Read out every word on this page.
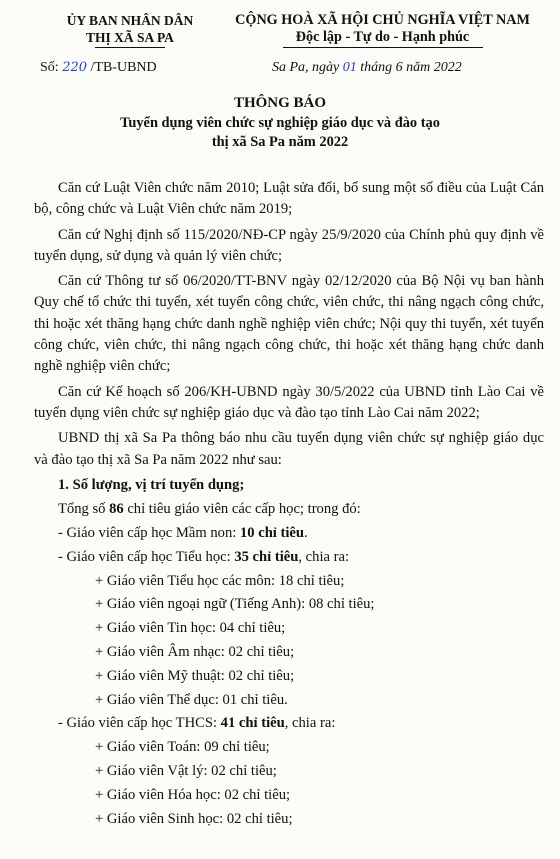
ỦY BAN NHÂN DÂN
THỊ XÃ SA PA
CỘNG HOÀ XÃ HỘI CHỦ NGHĨA VIỆT NAM
Độc lập - Tự do - Hạnh phúc
Số: 220 /TB-UBND	Sa Pa, ngày 01 tháng 6 năm 2022
THÔNG BÁO
Tuyển dụng viên chức sự nghiệp giáo dục và đào tạo
thị xã Sa Pa năm 2022

Căn cứ Luật Viên chức năm 2010; Luật sửa đổi, bổ sung một số điều của Luật Cán bộ, công chức và Luật Viên chức năm 2019;

Căn cứ Nghị định số 115/2020/NĐ-CP ngày 25/9/2020 của Chính phủ quy định về tuyển dụng, sử dụng và quản lý viên chức;

Căn cứ Thông tư số 06/2020/TT-BNV ngày 02/12/2020 của Bộ Nội vụ ban hành Quy chế tổ chức thi tuyển, xét tuyển công chức, viên chức, thi nâng ngạch công chức, thi hoặc xét thăng hạng chức danh nghề nghiệp viên chức; Nội quy thi tuyển, xét tuyển công chức, viên chức, thi nâng ngạch công chức, thi hoặc xét thăng hạng chức danh nghề nghiệp viên chức;

Căn cứ Kế hoạch số 206/KH-UBND ngày 30/5/2022 của UBND tỉnh Lào Cai về tuyển dụng viên chức sự nghiệp giáo dục và đào tạo tỉnh Lào Cai năm 2022;

UBND thị xã Sa Pa thông báo nhu cầu tuyển dụng viên chức sự nghiệp giáo dục và đào tạo thị xã Sa Pa năm 2022 như sau:

1. Số lượng, vị trí tuyển dụng;
Tổng số 86 chỉ tiêu giáo viên các cấp học; trong đó:
- Giáo viên cấp học Mầm non: 10 chỉ tiêu.
- Giáo viên cấp học Tiểu học: 35 chỉ tiêu, chia ra:
+ Giáo viên Tiểu học các môn: 18 chỉ tiêu;
+ Giáo viên ngoại ngữ (Tiếng Anh): 08 chỉ tiêu;
+ Giáo viên Tin học: 04 chỉ tiêu;
+ Giáo viên Âm nhạc: 02 chỉ tiêu;
+ Giáo viên Mỹ thuật: 02 chỉ tiêu;
+ Giáo viên Thể dục: 01 chỉ tiêu.
- Giáo viên cấp học THCS: 41 chỉ tiêu, chia ra:
+ Giáo viên Toán: 09 chỉ tiêu;
+ Giáo viên Vật lý: 02 chỉ tiêu;
+ Giáo viên Hóa học: 02 chỉ tiêu;
+ Giáo viên Sinh học: 02 chỉ tiêu;
